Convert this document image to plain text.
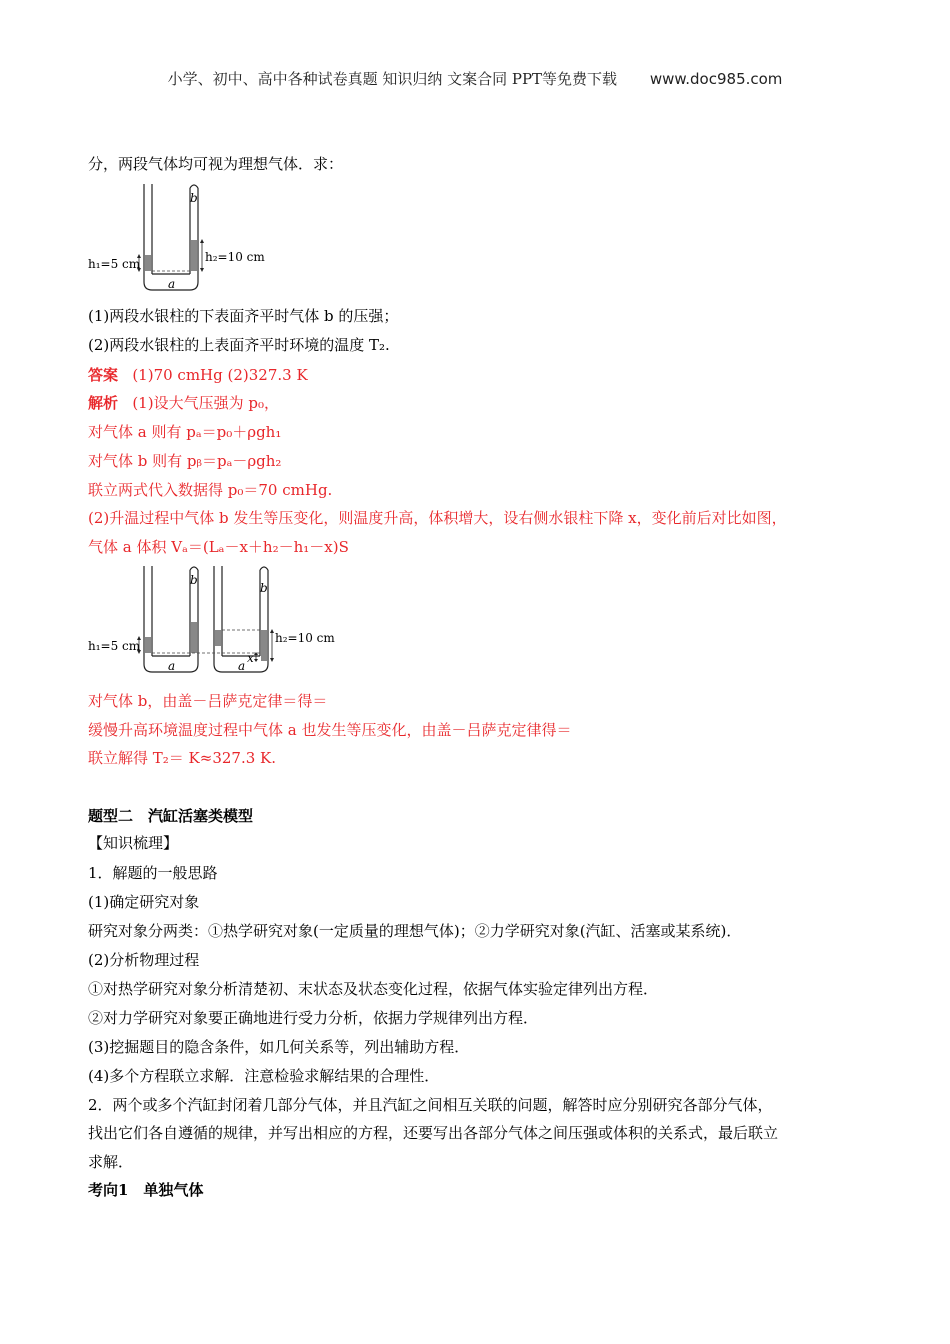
小学、初中、高中各种试卷真题 知识归纳 文案合同 PPT等免费下载 www.doc985.com
分，两段气体均可视为理想气体．求：
b
a
h₁=5 cm	h₂=10 cm
(1)两段水银柱的下表面齐平时气体 b 的压强；
(2)两段水银柱的上表面齐平时环境的温度 T₂.
答案 (1)70 cmHg (2)327.3 K
解析 (1)设大气压强为 p₀，
对气体 a 则有 pₐ＝p₀＋ρgh₁
对气体 b 则有 pᵦ＝pₐ－ρgh₂
联立两式代入数据得 p₀＝70 cmHg.
(2)升温过程中气体 b 发生等压变化，则温度升高，体积增大，设右侧水银柱下降 x，变化前后对比如图，
气体 a 体积 Vₐ＝(Lₐ－x＋h₂－h₁－x)S
b
b
a	a
x
h₁=5 cm
h₂=10 cm
对气体 b，由盖－吕萨克定律＝得＝
缓慢升高环境温度过程中气体 a 也发生等压变化，由盖－吕萨克定律得＝
联立解得 T₂＝ K≈327.3 K.
题型二　汽缸活塞类模型
【知识梳理】
1．解题的一般思路
(1)确定研究对象
研究对象分两类：①热学研究对象(一定质量的理想气体)；②力学研究对象(汽缸、活塞或某系统)．
(2)分析物理过程
①对热学研究对象分析清楚初、末状态及状态变化过程，依据气体实验定律列出方程．
②对力学研究对象要正确地进行受力分析，依据力学规律列出方程．
(3)挖掘题目的隐含条件，如几何关系等，列出辅助方程．
(4)多个方程联立求解．注意检验求解结果的合理性．
2．两个或多个汽缸封闭着几部分气体，并且汽缸之间相互关联的问题，解答时应分别研究各部分气体，
找出它们各自遵循的规律，并写出相应的方程，还要写出各部分气体之间压强或体积的关系式，最后联立
求解．
考向1　单独气体
